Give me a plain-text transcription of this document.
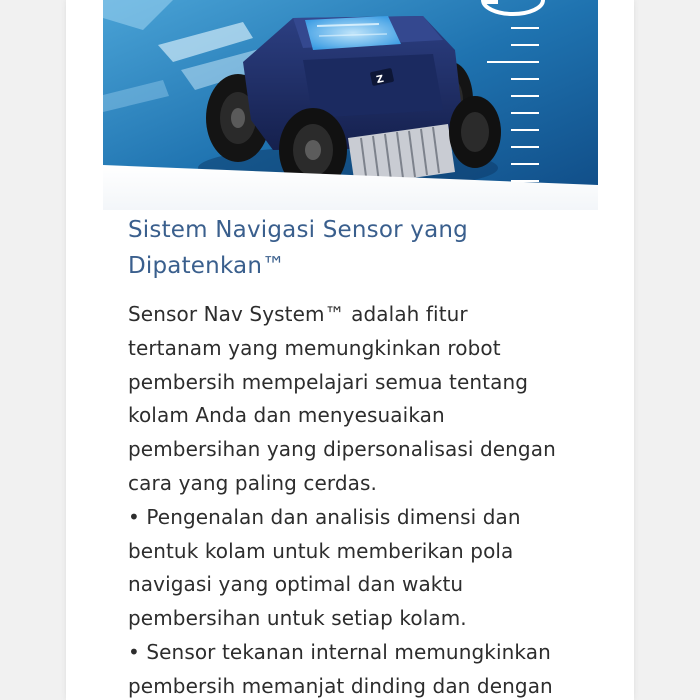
Z
Sistem Navigasi Sensor yang
Dipatenkan™

Sensor Nav System™ adalah fitur
tertanam yang memungkinkan robot
pembersih mempelajari semua tentang
kolam Anda dan menyesuaikan
pembersihan yang dipersonalisasi dengan
cara yang paling cerdas.
• Pengenalan dan analisis dimensi dan
bentuk kolam untuk memberikan pola
navigasi yang optimal dan waktu
pembersihan untuk setiap kolam.
• Sensor tekanan internal memungkinkan
pembersih memanjat dinding dan dengan
